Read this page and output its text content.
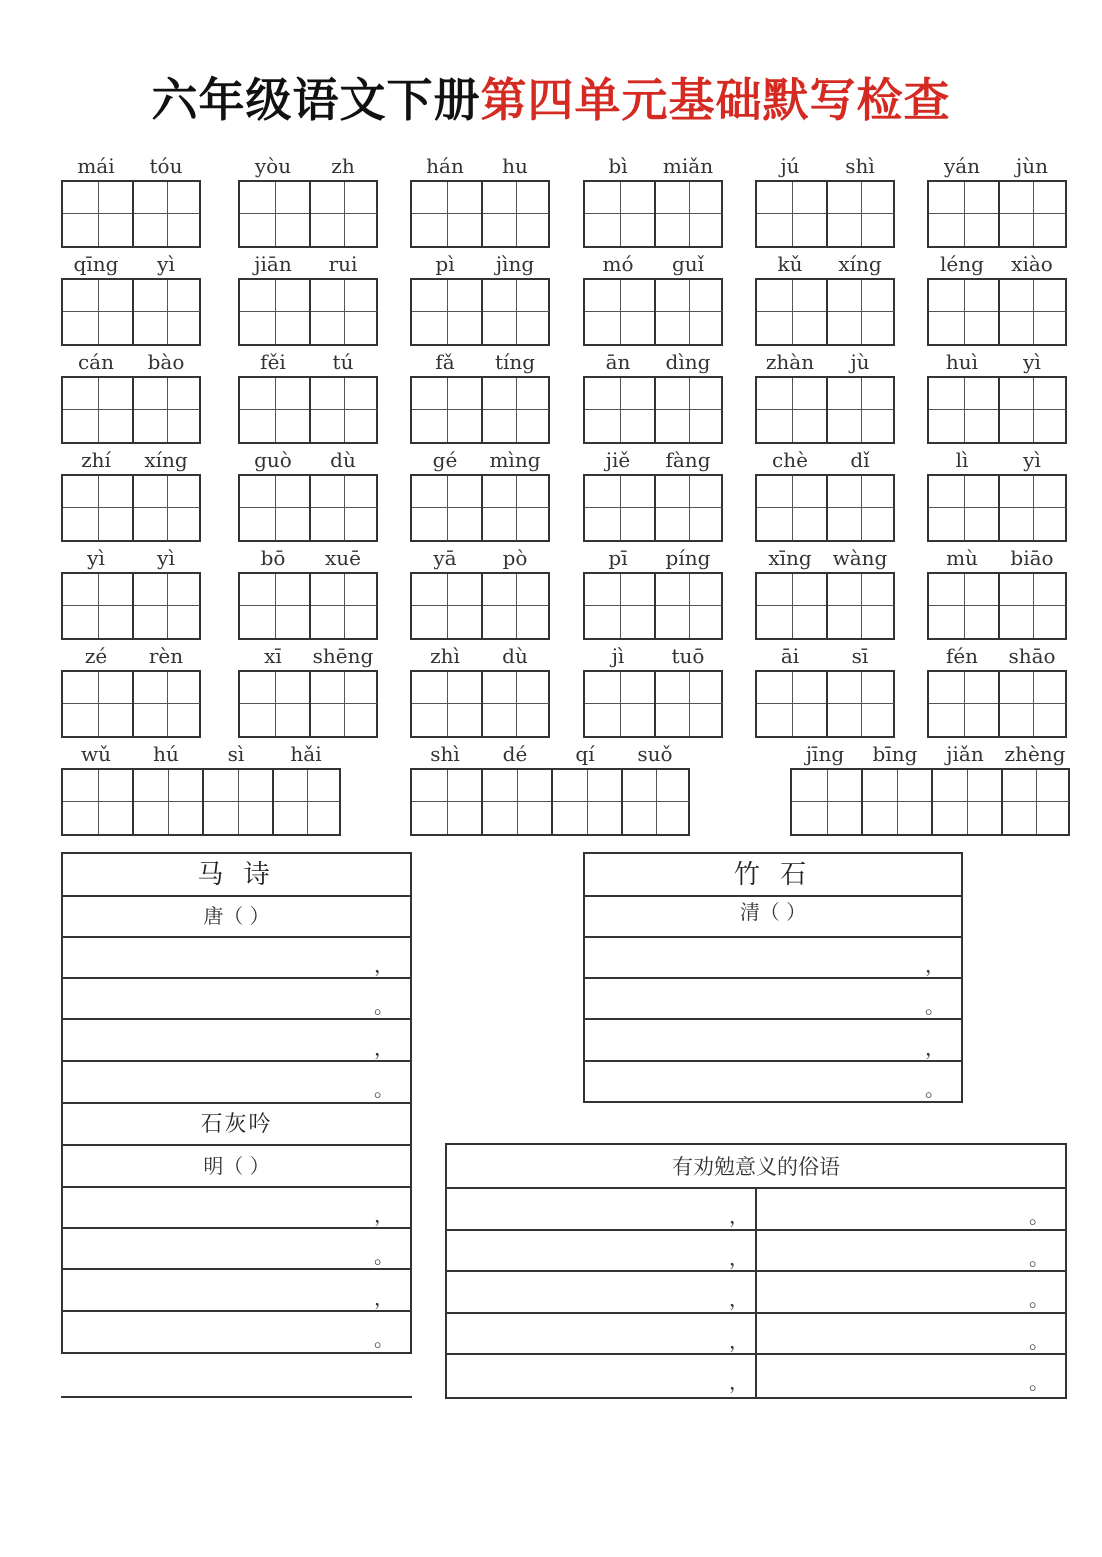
六年级语文下册第四单元基础默写检查
mái	tóu	yòu	zh	hán	hu	bì	miǎn	jú	shì	yán	jùn
qīng	yì	jiān	rui	pì	jìng	mó	guǐ	kǔ	xíng	léng	xiào
cán	bào	fěi	tú	fǎ	tíng	ān	dìng	zhàn	jù	huì	yì
zhí	xíng	guò	dù	gé	mìng	jiě	fàng	chè	dǐ	lì	yì
yì	yì	bō	xuē	yā	pò	pī	píng	xīng	wàng	mù	biāo
zé	rèn	xī	shēng	zhì	dù	jì	tuō	āi	sī	fén	shāo
wǔ	hú	sì	hǎi	shì	dé	qí	suǒ	jīng	bīng	jiǎn	zhèng
马 诗
唐（ ）
，
。
，
。
石灰吟
明（ ）
，
。
，
。
竹 石
清（ ）
，
。
，
。
有劝勉意义的俗语
，	。
，	。
，	。
，	。
，	。
